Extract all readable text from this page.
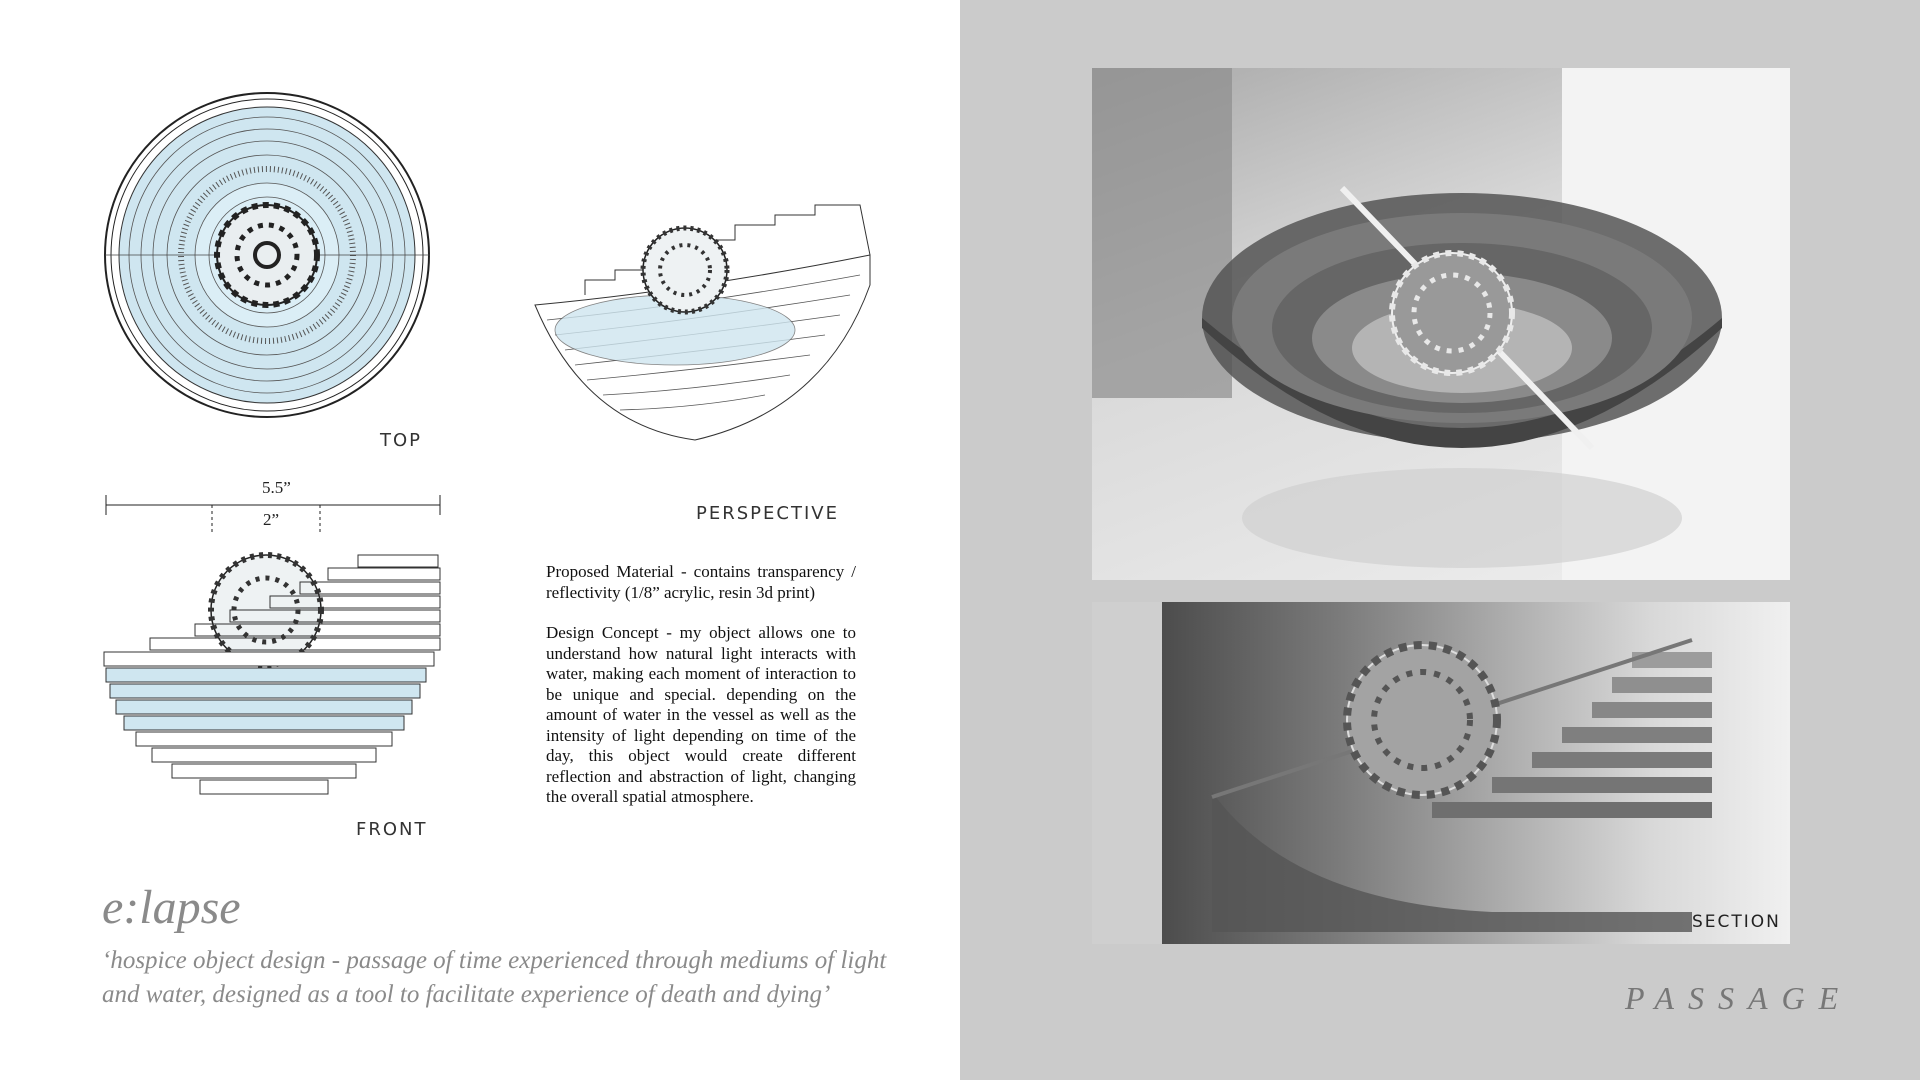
TOP
PERSPECTIVE
5.5”
2”
FRONT

Proposed Material - contains transparency / reflectivity (1/8” acrylic, resin 3d print)

Design Concept - my object allows one to understand how natural light interacts with water, making each moment of interaction to be unique and special. depending on the amount of water in the vessel as well as the intensity of light depending on time of the day, this object would create different reflection and abstraction of light, changing the overall spatial atmosphere.

e:lapse
‘hospice object design - passage of time experienced through mediums of light and water, designed as a tool to facilitate experience of death and dying’
SECTION
PASSAGE
